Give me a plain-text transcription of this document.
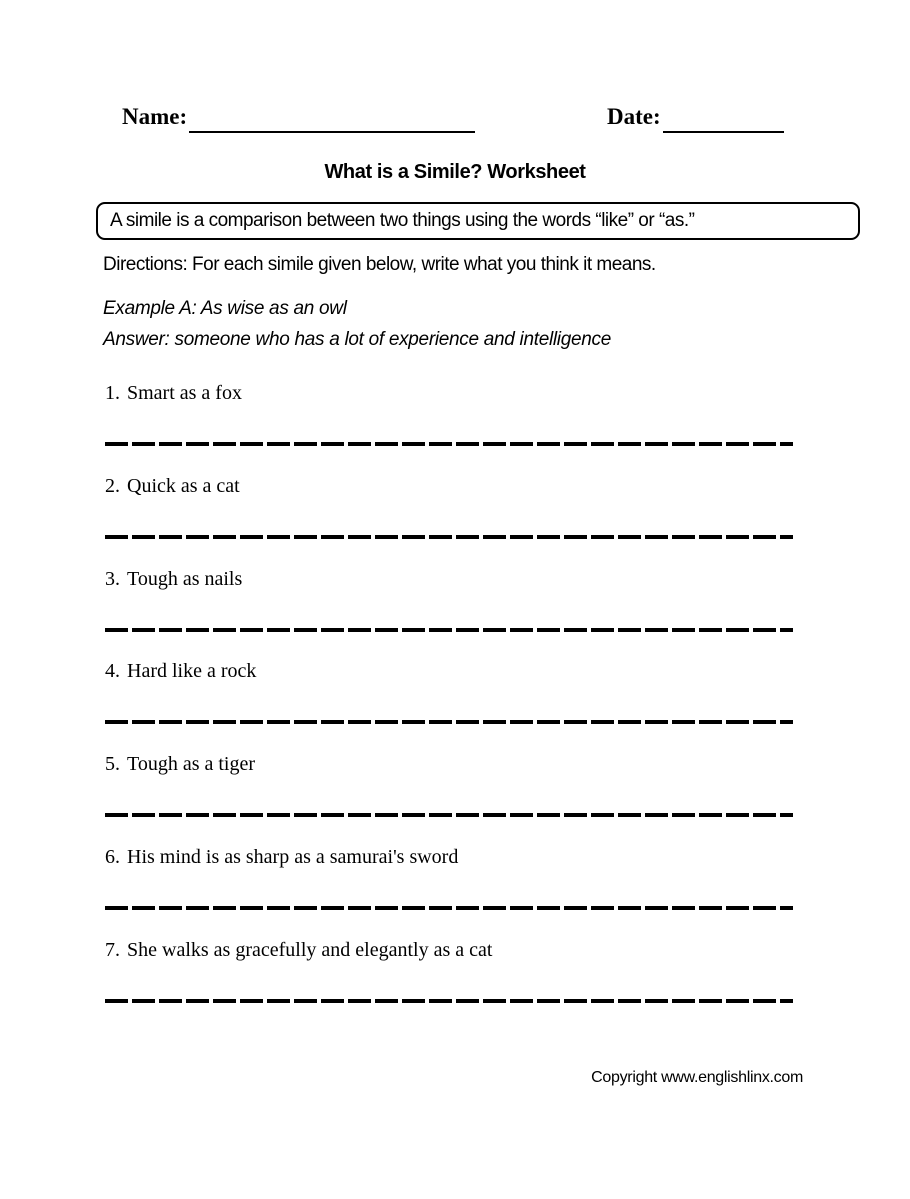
Name:	Date:
What is a Simile? Worksheet
A simile is a comparison between two things using the words “like” or “as.”
Directions: For each simile given below, write what you think it means.
Example A: As wise as an owl
Answer: someone who has a lot of experience and intelligence
1. Smart as a fox
2. Quick as a cat
3. Tough as nails
4. Hard like a rock
5. Tough as a tiger
6. His mind is as sharp as a samurai's sword
7. She walks as gracefully and elegantly as a cat
Copyright www.englishlinx.com
